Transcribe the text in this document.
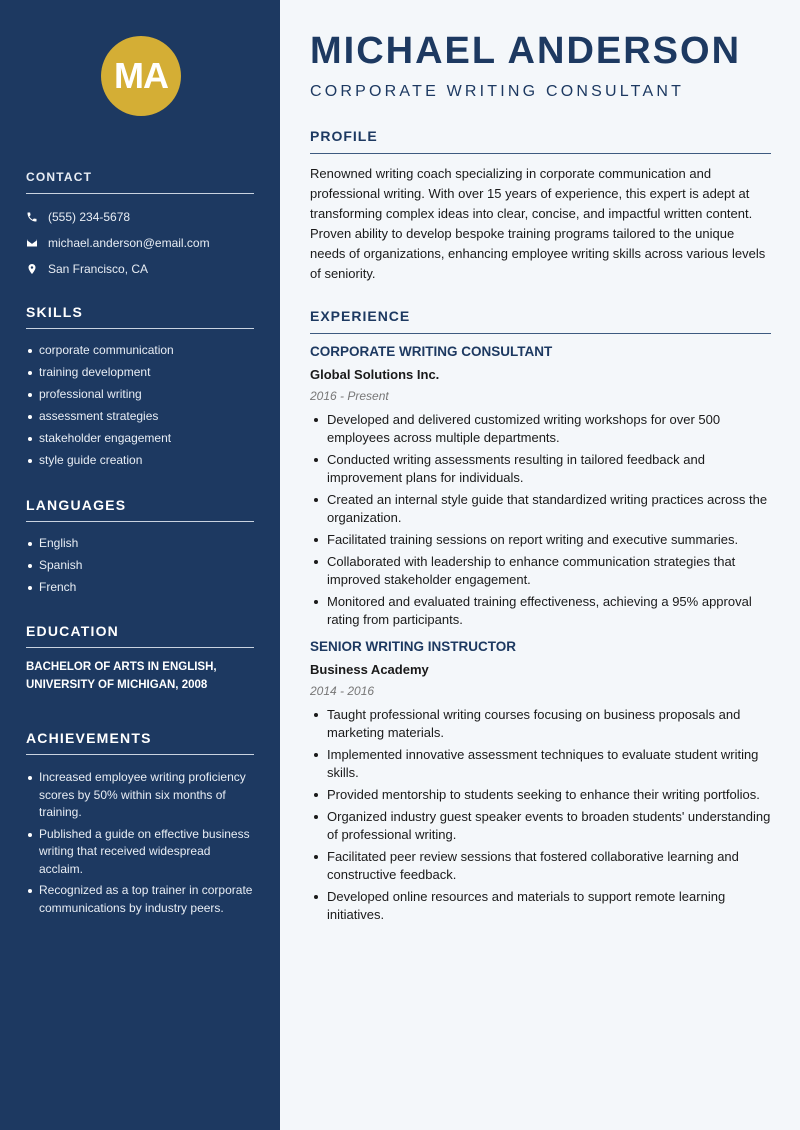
MA
CONTACT
(555) 234-5678
michael.anderson@email.com
San Francisco, CA
SKILLS
corporate communication
training development
professional writing
assessment strategies
stakeholder engagement
style guide creation
LANGUAGES
English
Spanish
French
EDUCATION
BACHELOR OF ARTS IN ENGLISH,
UNIVERSITY OF MICHIGAN, 2008
ACHIEVEMENTS
Increased employee writing proficiency scores by 50% within six months of training.
Published a guide on effective business writing that received widespread acclaim.
Recognized as a top trainer in corporate communications by industry peers.
MICHAEL ANDERSON
CORPORATE WRITING CONSULTANT
PROFILE
Renowned writing coach specializing in corporate communication and professional writing. With over 15 years of experience, this expert is adept at transforming complex ideas into clear, concise, and impactful written content. Proven ability to develop bespoke training programs tailored to the unique needs of organizations, enhancing employee writing skills across various levels of seniority.
EXPERIENCE
CORPORATE WRITING CONSULTANT
Global Solutions Inc.
2016 - Present
Developed and delivered customized writing workshops for over 500 employees across multiple departments.
Conducted writing assessments resulting in tailored feedback and improvement plans for individuals.
Created an internal style guide that standardized writing practices across the organization.
Facilitated training sessions on report writing and executive summaries.
Collaborated with leadership to enhance communication strategies that improved stakeholder engagement.
Monitored and evaluated training effectiveness, achieving a 95% approval rating from participants.
SENIOR WRITING INSTRUCTOR
Business Academy
2014 - 2016
Taught professional writing courses focusing on business proposals and marketing materials.
Implemented innovative assessment techniques to evaluate student writing skills.
Provided mentorship to students seeking to enhance their writing portfolios.
Organized industry guest speaker events to broaden students' understanding of professional writing.
Facilitated peer review sessions that fostered collaborative learning and constructive feedback.
Developed online resources and materials to support remote learning initiatives.
